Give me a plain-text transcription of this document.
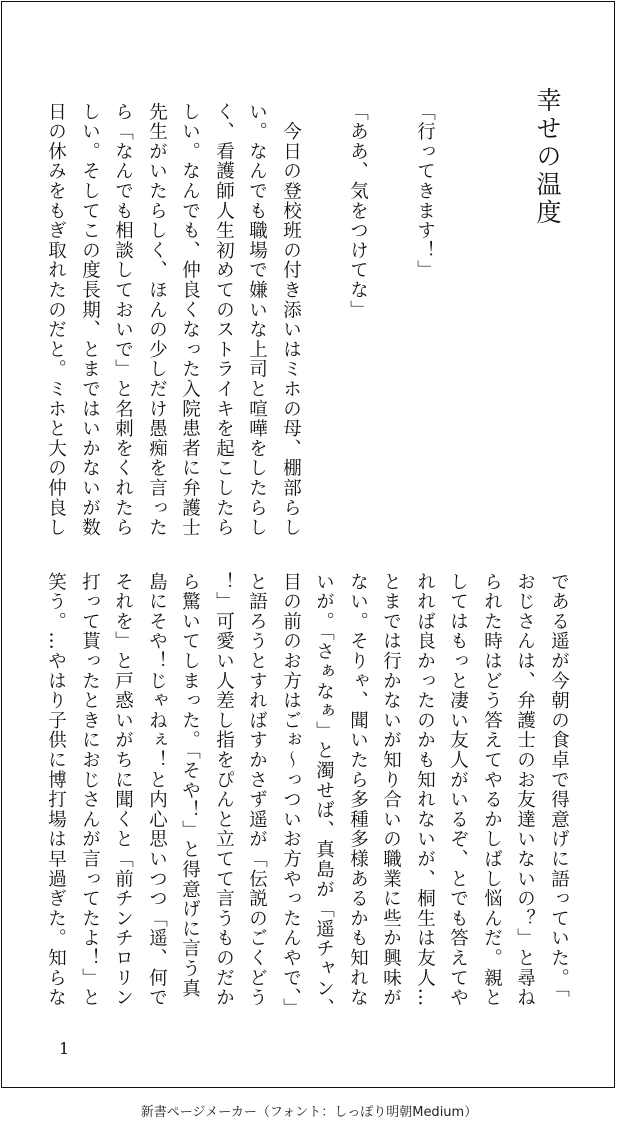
幸せの温度

「行ってきます！」

「ああ、気をつけてな」

　今日の登校班の付き添いはミホの母、棚部らし

い。なんでも職場で嫌いな上司と喧嘩をしたらし

く、看護師人生初めてのストライキを起こしたら

しい。なんでも、仲良くなった入院患者に弁護士

先生がいたらしく、ほんの少しだけ愚痴を言った

ら「なんでも相談しておいで」と名刺をくれたら

しい。そしてこの度長期、とまではいかないが数

日の休みをもぎ取れたのだと。ミホと大の仲良し

である遥が今朝の食卓で得意げに語っていた。「

おじさんは、弁護士のお友達いないの？」と尋ね

られた時はどう答えてやるかしばし悩んだ。親と

してはもっと凄い友人がいるぞ、とでも答えてや

れれば良かったのかも知れないが、桐生は友人…

とまでは行かないが知り合いの職業に些か興味が

ない。そりゃ、聞いたら多種多様あるかも知れな

いが。「さぁなぁ」と濁せば、真島が「遥チャン、

目の前のお方はごぉ〜っついお方やったんやで、」

と語ろうとすればすかさず遥が「伝説のごくどう

！」可愛い人差し指をぴんと立てて言うものだか

ら驚いてしまった。「そや！」と得意げに言う真

島にそや！じゃねぇ！と内心思いつつ「遥、何で

それを」と戸惑いがちに聞くと「前チンチロリン

打って貰ったときにおじさんが言ってたよ！」と

笑う。…やはり子供に博打場は早過ぎた。知らな

1
新書ページメーカー（フォント：しっぽり明朝Medium）
